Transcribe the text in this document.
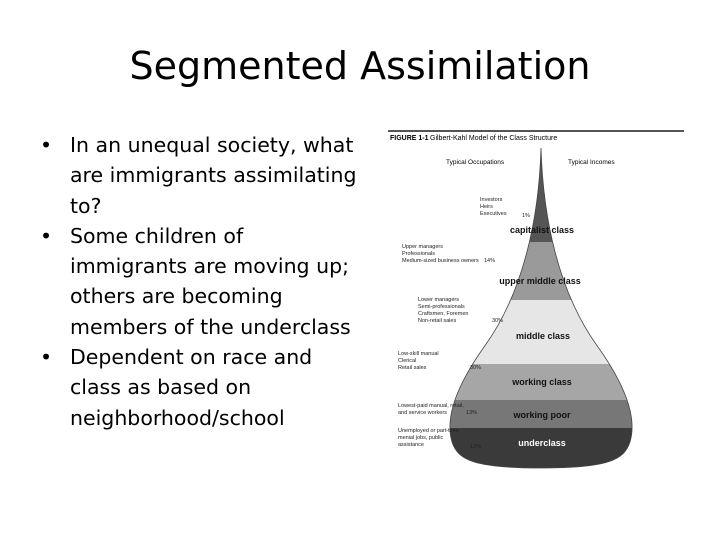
Segmented Assimilation
• In an unequal society, what are immigrants assimilating to?
• Some children of immigrants are moving up; others are becoming members of the underclass
• Dependent on race and class as based on neighborhood/school
FIGURE 1-1 Gilbert-Kahl Model of the Class Structure
Typical Occupations	Typical Incomes
capitalist class
upper middle class
middle class
working class
working poor
underclass
Investors
Heirs
Executives
Upper managers
Professionals
Medium-sized business owners
Lower managers
Semi-professionals
Craftsmen, Foremen
Non-retail sales
Low-skill manual
Clerical
Retail sales
Lowest-paid manual, retail,
and service workers
Unemployed or part-time
menial jobs, public
assistance
1%
14%
30%
30%
13%
12%
